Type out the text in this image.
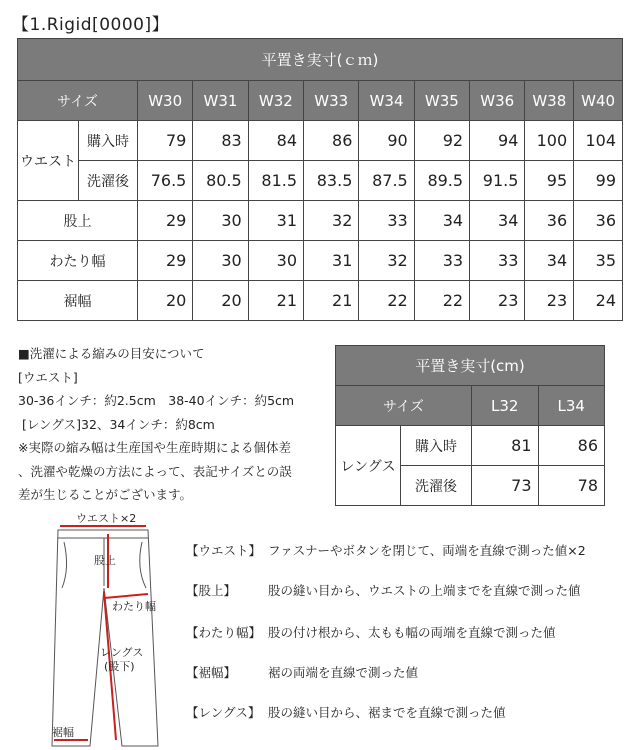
【1.Rigid[0000]】
平置き実寸(ｃｍ)										
サイズ		W30	W31	W32	W33	W34	W35	W36	W38	W40
ウエスト	購入時	79	83	84	86	90	92	94	100	104
	洗濯後	76.5	80.5	81.5	83.5	87.5	89.5	91.5	95	99
股上		29	30	31	32	33	34	34	36	36
わたり幅		29	30	30	31	32	33	33	34	35
裾幅		20	20	21	21	22	22	23	23	24
■洗濯による縮みの目安について
[ウエスト]
30-36インチ：約2.5cm　38-40インチ：約5cm
[レングス]32、34インチ：約8cm
※実際の縮み幅は生産国や生産時期による個体差
、洗濯や乾燥の方法によって、表記サイズとの誤
差が生じることがございます。
平置き実寸(cm)			
サイズ		L32	L34
レングス	購入時	81	86
	洗濯後	73	78
ウエスト×2
股上
わたり幅
レングス
(股下)
裾幅
【ウエスト】 ファスナーやボタンを閉じて、両端を直線で測った値×2
【股上】	股の縫い目から、ウエストの上端までを直線で測った値
【わたり幅】 股の付け根から、太もも幅の両端を直線で測った値
【裾幅】	裾の両端を直線で測った値
【レングス】 股の縫い目から、裾までを直線で測った値
